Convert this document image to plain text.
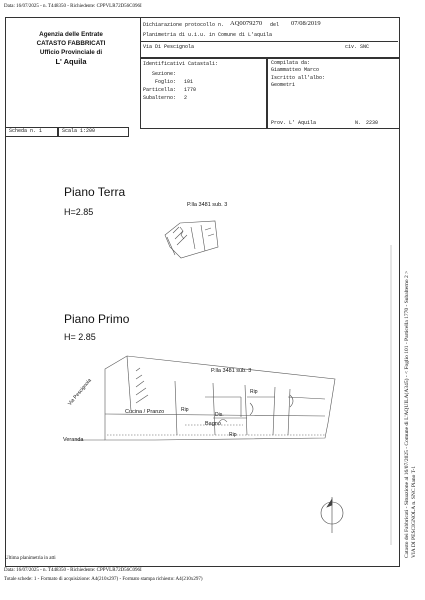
Data: 16/07/2025 - n. T448350 - Richiedente: CPPVLR72D56C096I
Agenzia delle Entrate
CATASTO FABBRICATI
Ufficio Provinciale di
L' Aquila
Dichiarazione protocollo n. AQ0079270 del 07/08/2019
Planimetria di u.i.u. in Comune di L'aquila
Via Di Pescignola	civ. SNC
Identificativi Catastali:
Sezione:
Foglio: 101
Particella: 1770
Subalterno: 2
Compilata da:
Giammatteo Marco
Iscritto all'albo:
Geometri
Prov. L' Aquila	N. 2230
Scheda n. 1	Scala 1:200
Piano Terra
H=2.85
P.lla 3481 sub. 3
Piano Primo
H= 2.85
P.lla 3481 sub. 3
Via Pescignola
Cucina / Pranzo	Rip
Rip
Rip
Dis.
Bagno
Veranda	Catasto dei Fabbricati - Situazione al 16/07/2025 - Comune di L'AQUILA(A345) - < Foglio 101 - Particella 1770 - Subalterno 2 > VIA DI PESCIGNOLA n. SNC Piano T-1
Ultima planimetria in atti
Data: 16/07/2025 - n. T448350 - Richiedente: CPPVLR72D56C096I
Totale schede: 1 - Formato di acquisizione: A4(210x297) - Formato stampa richiesto: A4(210x297)
